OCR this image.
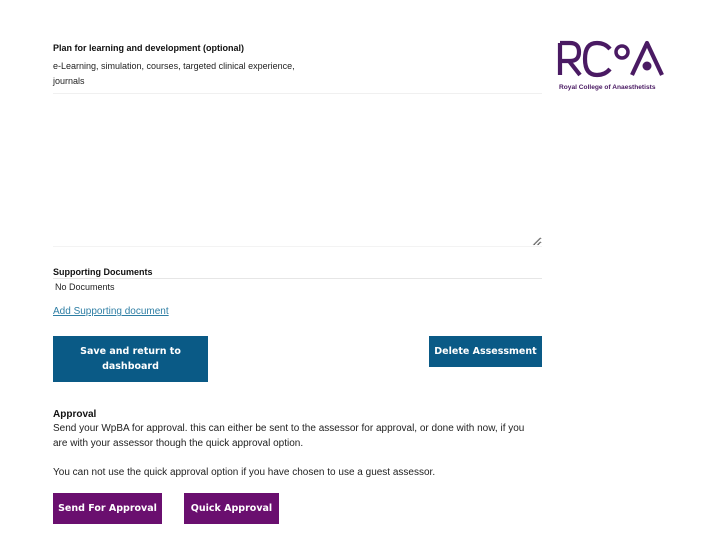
Plan for learning and development (optional)
e-Learning, simulation, courses, targeted clinical experience, journals
Supporting Documents
No Documents
Add Supporting document
Save and return to dashboard
Delete Assessment
Approval
Send your WpBA for approval. this can either be sent to the assessor for approval, or done with now, if you are with your assessor though the quick approval option.
You can not use the quick approval option if you have chosen to use a guest assessor.
Send For Approval	Quick Approval
Royal College of Anaesthetists
